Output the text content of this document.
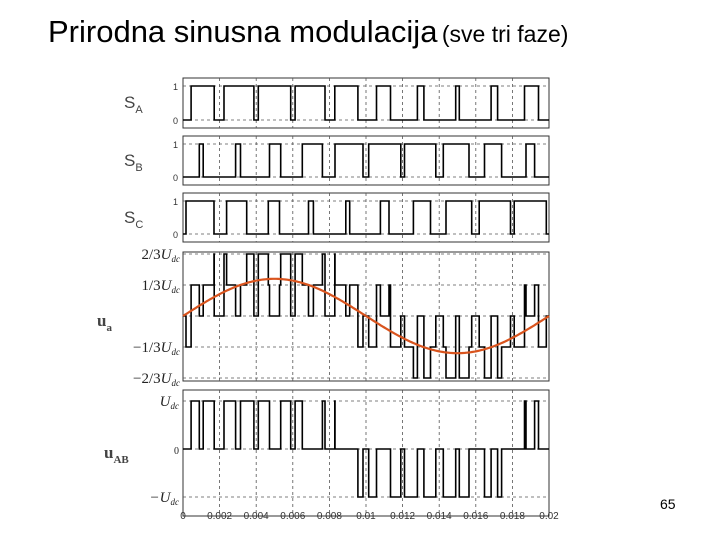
Prirodna sinusna modulacija (sve tri faze)
1
0
$S_A$
1
0
$S_B$
1
0
$S_C$
$2/3U_{dc}$
$1/3U_{dc}$
$-1/3U_{dc}$
$-2/3U_{dc}$
$u_a$
$U_{dc}$
0
$-U_{dc}$
$u_{AB}$
0 0.002 0.004 0.006 0.008 0.01 0.012 0.014 0.016 0.018 0.02
65
